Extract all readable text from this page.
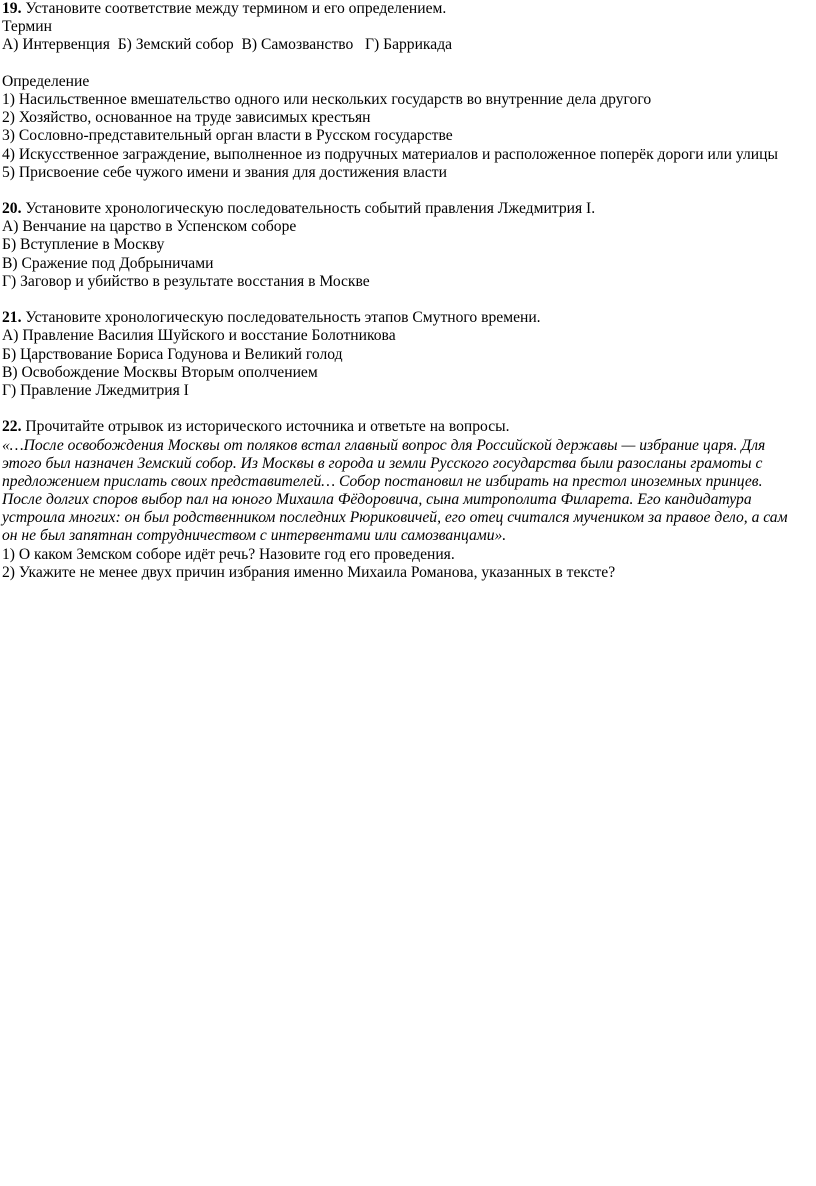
19. Установите соответствие между термином и его определением.
Термин
А) Интервенция  Б) Земский собор  В) Самозванство   Г) Баррикада
Определение
1) Насильственное вмешательство одного или нескольких государств во внутренние дела другого
2) Хозяйство, основанное на труде зависимых крестьян
3) Сословно-представительный орган власти в Русском государстве
4) Искусственное заграждение, выполненное из подручных материалов и расположенное поперёк дороги или улицы
5) Присвоение себе чужого имени и звания для достижения власти
20. Установите хронологическую последовательность событий правления Лжедмитрия I.
А) Венчание на царство в Успенском соборе
Б) Вступление в Москву
В) Сражение под Добрыничами
Г) Заговор и убийство в результате восстания в Москве
21. Установите хронологическую последовательность этапов Смутного времени.
А) Правление Василия Шуйского и восстание Болотникова
Б) Царствование Бориса Годунова и Великий голод
В) Освобождение Москвы Вторым ополчением
Г) Правление Лжедмитрия I
22. Прочитайте отрывок из исторического источника и ответьте на вопросы.
«…После освобождения Москвы от поляков встал главный вопрос для Российской державы — избрание царя. Для
этого был назначен Земский собор. Из Москвы в города и земли Русского государства были разосланы грамоты с
предложением прислать своих представителей… Собор постановил не избирать на престол иноземных принцев.
После долгих споров выбор пал на юного Михаила Фёдоровича, сына митрополита Филарета. Его кандидатура
устроила многих: он был родственником последних Рюриковичей, его отец считался мучеником за правое дело, а сам
он не был запятнан сотрудничеством с интервентами или самозванцами».
1) О каком Земском соборе идёт речь? Назовите год его проведения.
2) Укажите не менее двух причин избрания именно Михаила Романова, указанных в тексте?
